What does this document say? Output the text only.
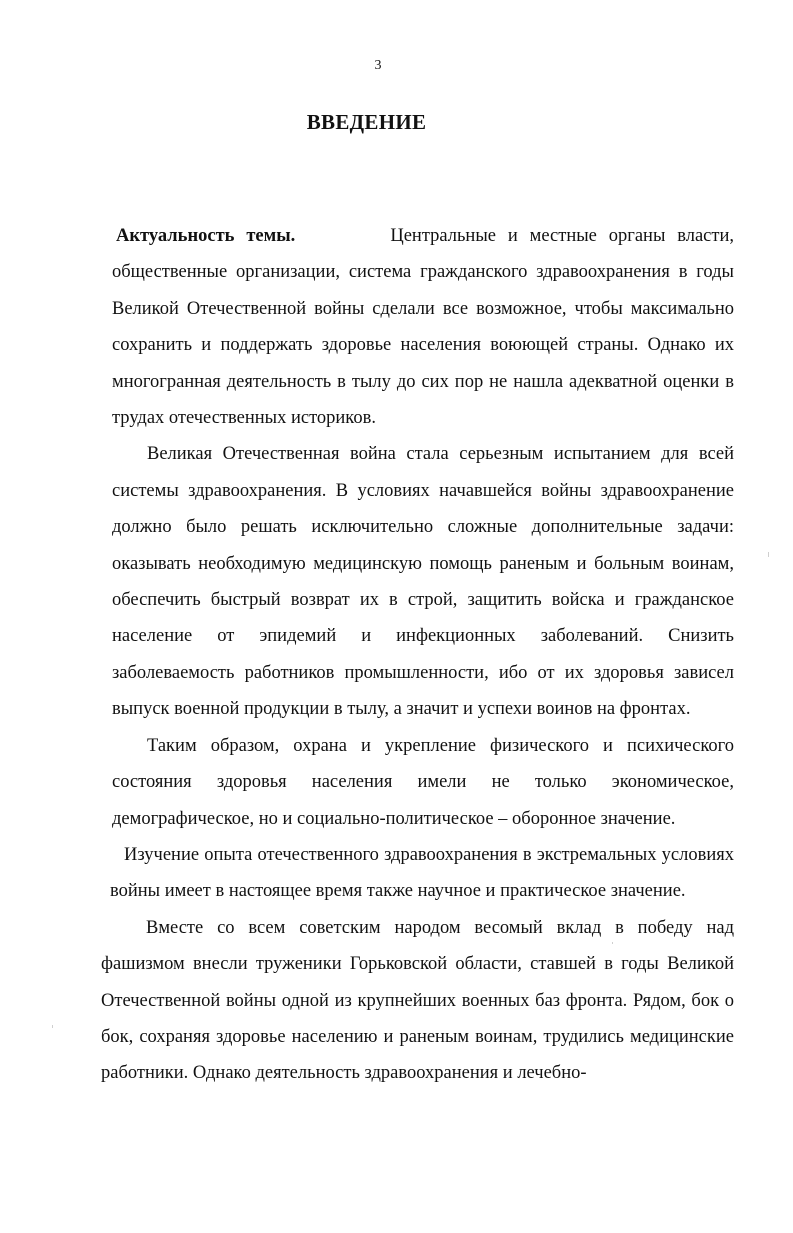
3
ВВЕДЕНИЕ

Актуальность темы.	Центральные и местные органы власти, общественные организации, система гражданского здравоохранения в годы Великой Отечественной войны сделали все возможное, чтобы максимально сохранить и поддержать здоровье населения воюющей страны. Однако их многогранная деятельность в тылу до сих пор не нашла адекватной оценки в трудах отечественных историков.

Великая Отечественная война стала серьезным испытанием для всей системы здравоохранения. В условиях начавшейся войны здравоохранение должно было решать исключительно сложные дополнительные задачи: оказывать необходимую медицинскую помощь раненым и больным воинам, обеспечить быстрый возврат их в строй, защитить войска и гражданское население от эпидемий и инфекционных заболеваний. Снизить заболеваемость работников промышленности, ибо от их здоровья зависел выпуск военной продукции в тылу, а значит и успехи воинов на фронтах.

Таким образом, охрана и укрепление физического и психического состояния здоровья населения имели не только экономическое, демографическое, но и социально-политическое – оборонное значение.

Изучение опыта отечественного здравоохранения в экстремальных условиях войны имеет в настоящее время также научное и практическое значение.

Вместе со всем советским народом весомый вклад в победу над фашизмом внесли труженики Горьковской области, ставшей в годы Великой Отечественной войны одной из крупнейших военных баз фронта. Рядом, бок о бок, сохраняя здоровье населению и раненым воинам, трудились медицинские работники. Однако деятельность здравоохранения и лечебно-
